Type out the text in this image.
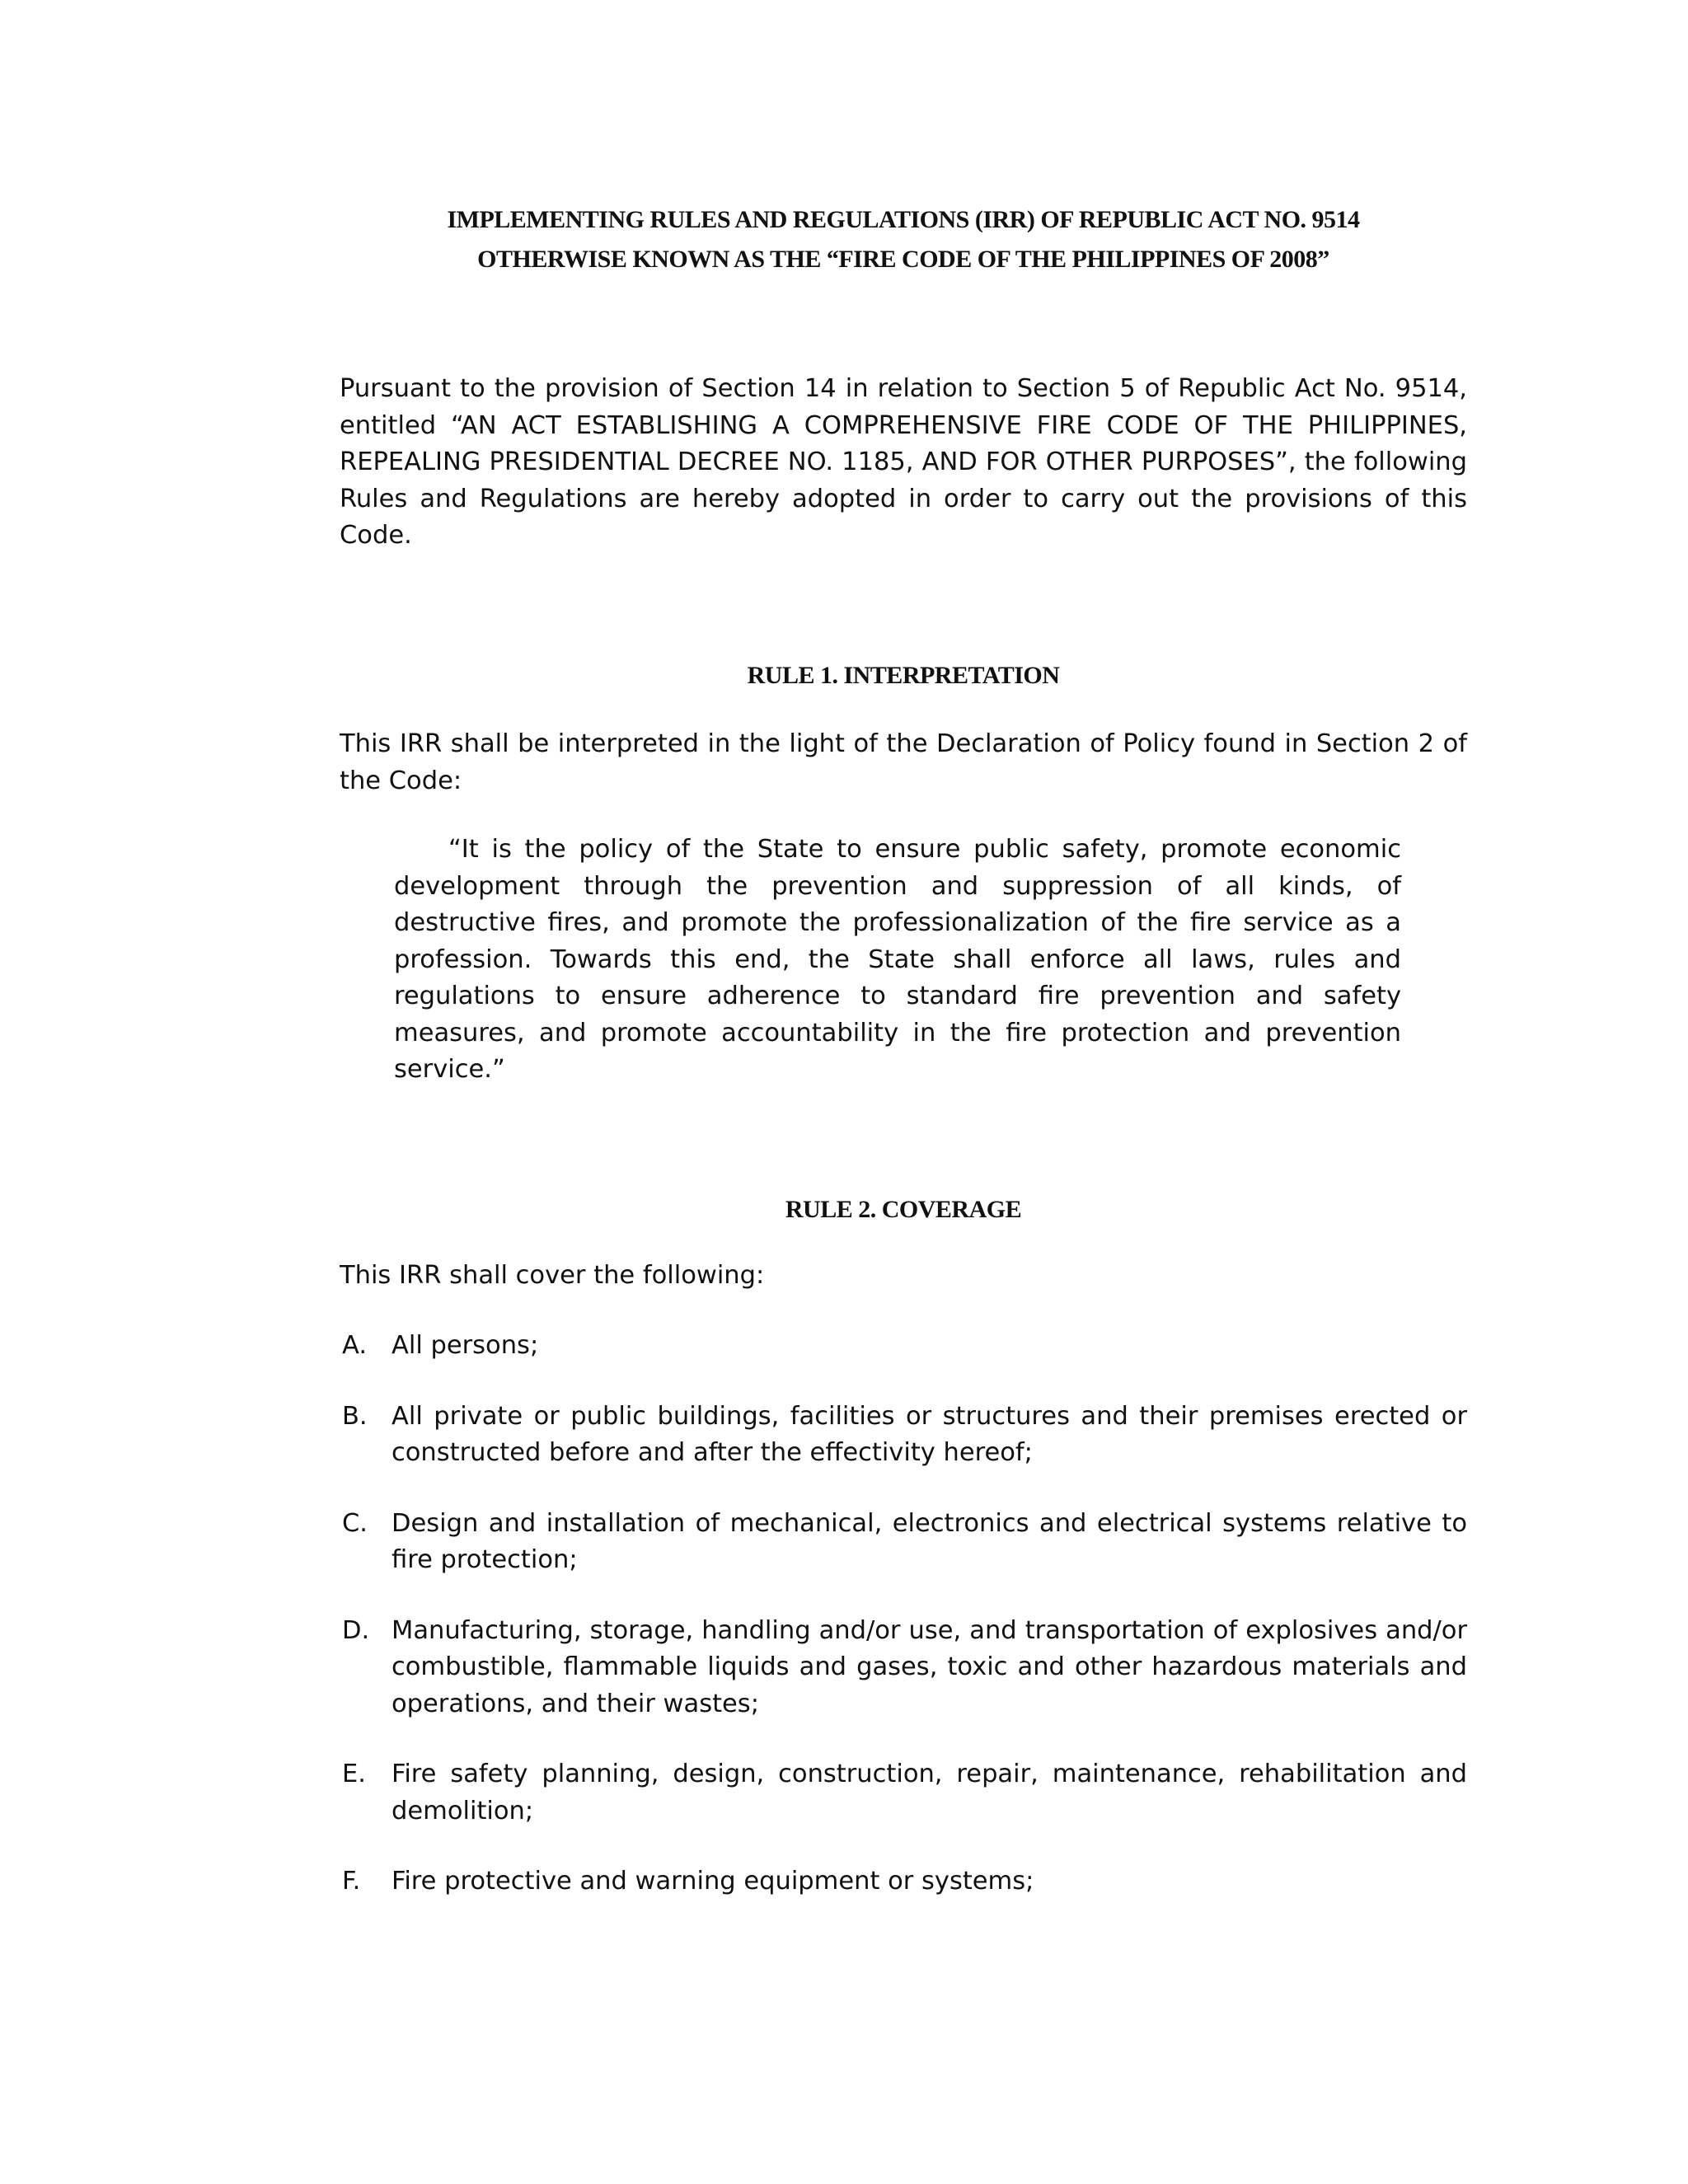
IMPLEMENTING RULES AND REGULATIONS (IRR) OF REPUBLIC ACT NO. 9514
OTHERWISE KNOWN AS THE “FIRE CODE OF THE PHILIPPINES OF 2008”

Pursuant to the provision of Section 14 in relation to Section 5 of Republic Act No. 9514, entitled “AN ACT ESTABLISHING A COMPREHENSIVE FIRE CODE OF THE PHILIPPINES, REPEALING PRESIDENTIAL DECREE NO. 1185, AND FOR OTHER PURPOSES”, the following Rules and Regulations are hereby adopted in order to carry out the provisions of this Code.

RULE 1. INTERPRETATION

This IRR shall be interpreted in the light of the Declaration of Policy found in Section 2 of the Code:

“It is the policy of the State to ensure public safety, promote economic development through the prevention and suppression of all kinds, of destructive fires, and promote the professionalization of the fire service as a profession. Towards this end, the State shall enforce all laws, rules and regulations to ensure adherence to standard fire prevention and safety measures, and promote accountability in the fire protection and prevention service.”

RULE 2. COVERAGE

This IRR shall cover the following:

A. All persons;
B. All private or public buildings, facilities or structures and their premises erected or constructed before and after the effectivity hereof;
C. Design and installation of mechanical, electronics and electrical systems relative to fire protection;
D. Manufacturing, storage, handling and/or use, and transportation of explosives and/or combustible, flammable liquids and gases, toxic and other hazardous materials and operations, and their wastes;
E. Fire safety planning, design, construction, repair, maintenance, rehabilitation and demolition;
F. Fire protective and warning equipment or systems;
